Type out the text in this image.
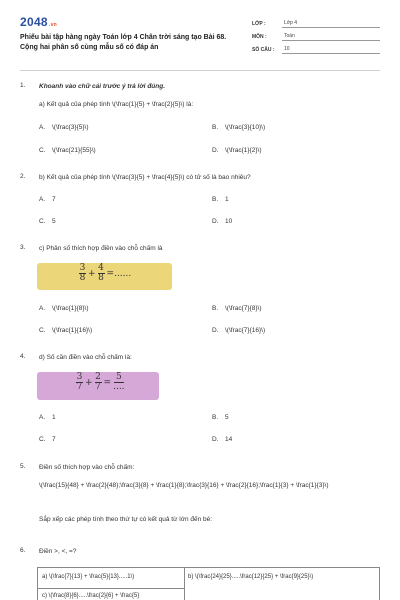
2048.vn
Phiếu bài tập hàng ngày Toán lớp 4 Chân trời sáng tạo Bài 68. Cộng hai phân số cùng mẫu số có đáp án
LỚP :	Lớp 4
MÔN :	Toán
SỐ CÂU :	10
1. Khoanh vào chữ cái trước ý trả lời đúng.
a) Kết quả của phép tính \(\frac{1}{5} + \frac{2}{5}\) là:
A. \(\frac{3}{5}\)	B. \(\frac{3}{10}\)
C. \(\frac{21}{55}\)	D. \(\frac{1}{2}\)
2. b) Kết quả của phép tính \(\frac{3}{5} + \frac{4}{5}\) có tử số là bao nhiêu?
A. 7	B. 1
C. 5	D. 10
3. c) Phân số thích hợp điền vào chỗ chấm là
$\frac{3}{8} + \frac{4}{8}$ =......
A. \(\frac{1}{8}\)	B. \(\frac{7}{8}\)
C. \(\frac{1}{16}\)	D. \(\frac{7}{16}\)
4. d) Số cần điền vào chỗ chấm là:
$\frac{3}{7} + \frac{2}{7} = \frac{5}{....}$
A. 1	B. 5
C. 7	D. 14
5. Điền số thích hợp vào chỗ chấm:
\(\frac{15}{48} + \frac{2}{48};\frac{3}{8} + \frac{1}{8};\frac{3}{16} + \frac{2}{16};\frac{1}{3} + \frac{1}{3}\)
Sắp xếp các phép tính theo thứ tự có kết quả từ lớn đến bé:
6. Điền >, <, =?
a) \(\frac{7}{13} + \frac{5}{13}.....1\)	b) \(\frac{24}{25}.....\frac{12}{25} + \frac{9}{25}\)
c) \(\frac{8}{6}.....\frac{2}{6} + \frac{5}
